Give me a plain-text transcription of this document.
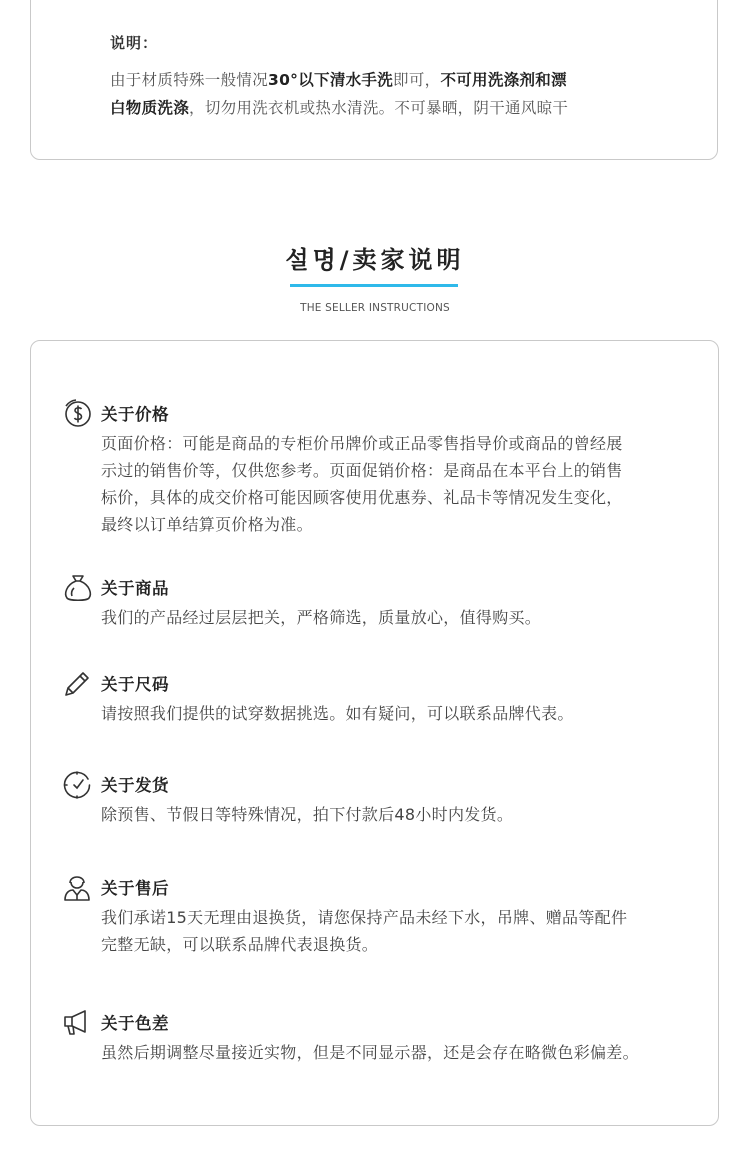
说明：
由于材质特殊一般情况30°以下清水手洗即可，不可用洗涤剂和漂
白物质洗涤，切勿用洗衣机或热水清洗。不可暴晒，阴干通风晾干
설명/卖家说明
THE SELLER INSTRUCTIONS
关于价格
页面价格：可能是商品的专柜价吊牌价或正品零售指导价或商品的曾经展
示过的销售价等，仅供您参考。页面促销价格：是商品在本平台上的销售
标价，具体的成交价格可能因顾客使用优惠券、礼品卡等情况发生变化，
最终以订单结算页价格为准。
关于商品
我们的产品经过层层把关，严格筛选，质量放心，值得购买。
关于尺码
请按照我们提供的试穿数据挑选。如有疑问，可以联系品牌代表。
关于发货
除预售、节假日等特殊情况，拍下付款后48小时内发货。
关于售后
我们承诺15天无理由退换货，请您保持产品未经下水，吊牌、赠品等配件
完整无缺，可以联系品牌代表退换货。
关于色差
虽然后期调整尽量接近实物，但是不同显示器，还是会存在略微色彩偏差。
